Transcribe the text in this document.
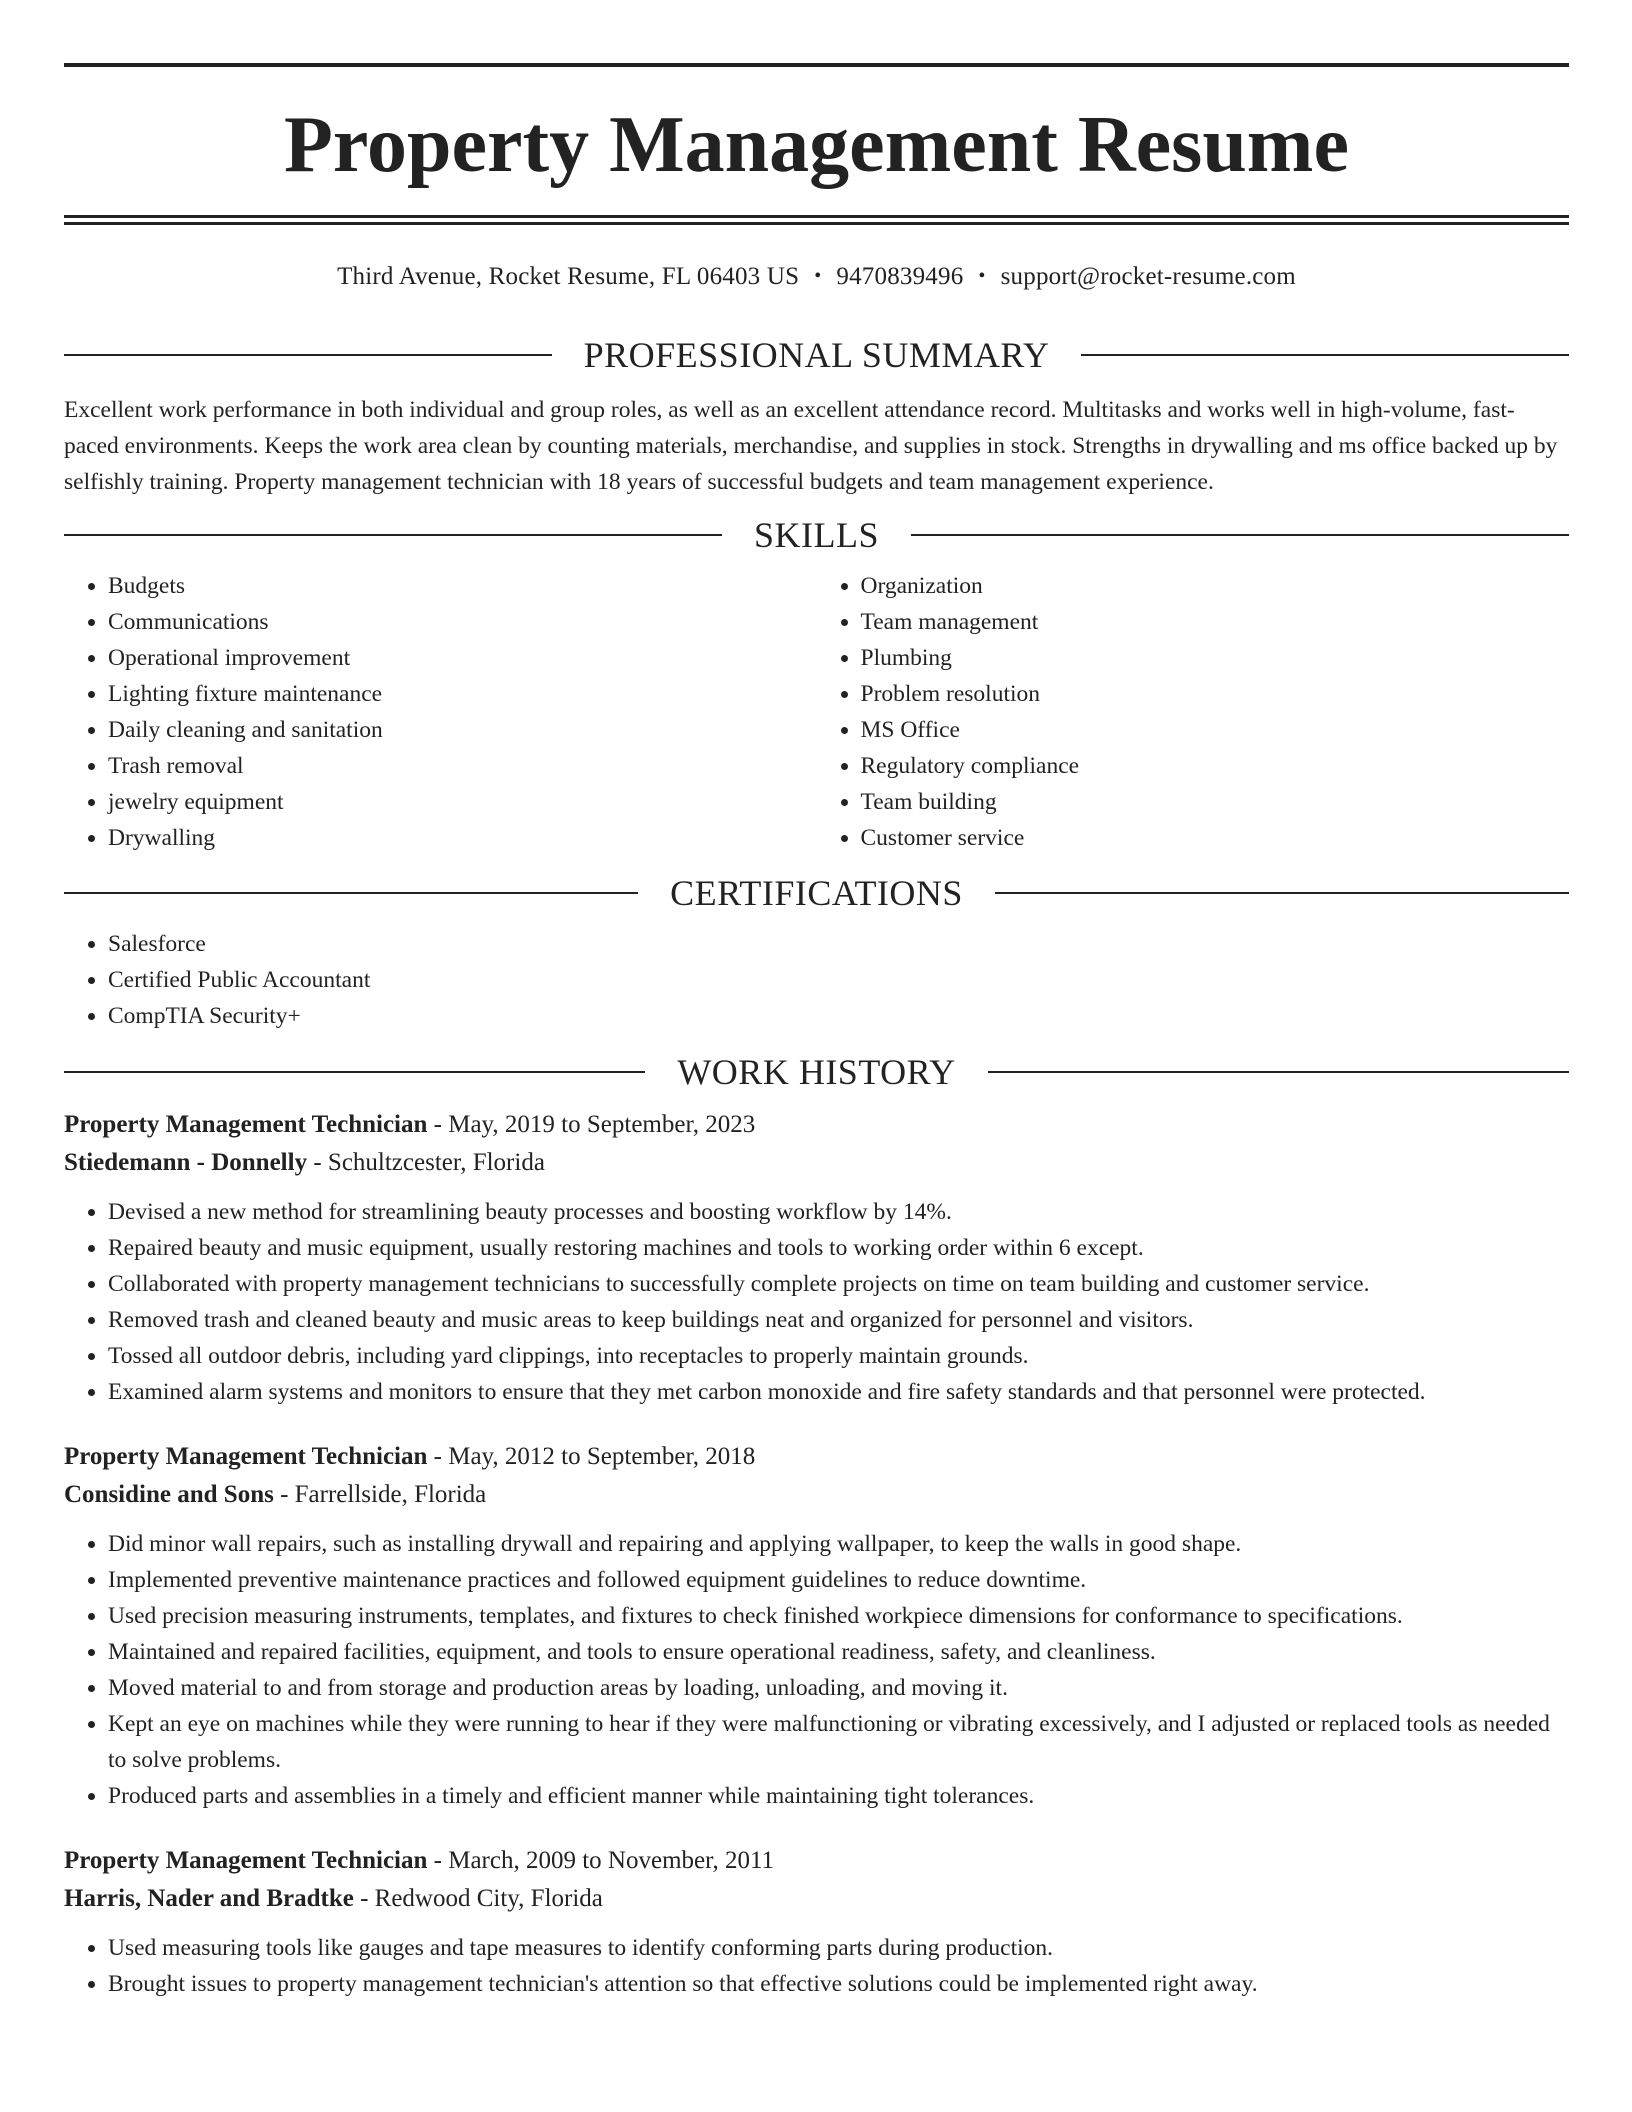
Property Management Resume
Third Avenue, Rocket Resume, FL 06403 US • 9470839496 • support@rocket-resume.com
PROFESSIONAL SUMMARY

Excellent work performance in both individual and group roles, as well as an excellent attendance record. Multitasks and works well in high-volume, fast-paced environments. Keeps the work area clean by counting materials, merchandise, and supplies in stock. Strengths in drywalling and ms office backed up by selfishly training. Property management technician with 18 years of successful budgets and team management experience.

SKILLS
• Budgets
• Communications
• Operational improvement
• Lighting fixture maintenance
• Daily cleaning and sanitation
• Trash removal
• jewelry equipment
• Drywalling
• Organization
• Team management
• Plumbing
• Problem resolution
• MS Office
• Regulatory compliance
• Team building
• Customer service
CERTIFICATIONS
• Salesforce
• Certified Public Accountant
• CompTIA Security+
WORK HISTORY
Property Management Technician - May, 2019 to September, 2023
Stiedemann - Donnelly - Schultzcester, Florida
• Devised a new method for streamlining beauty processes and boosting workflow by 14%.
• Repaired beauty and music equipment, usually restoring machines and tools to working order within 6 except.
• Collaborated with property management technicians to successfully complete projects on time on team building and customer service.
• Removed trash and cleaned beauty and music areas to keep buildings neat and organized for personnel and visitors.
• Tossed all outdoor debris, including yard clippings, into receptacles to properly maintain grounds.
• Examined alarm systems and monitors to ensure that they met carbon monoxide and fire safety standards and that personnel were protected.
Property Management Technician - May, 2012 to September, 2018
Considine and Sons - Farrellside, Florida
• Did minor wall repairs, such as installing drywall and repairing and applying wallpaper, to keep the walls in good shape.
• Implemented preventive maintenance practices and followed equipment guidelines to reduce downtime.
• Used precision measuring instruments, templates, and fixtures to check finished workpiece dimensions for conformance to specifications.
• Maintained and repaired facilities, equipment, and tools to ensure operational readiness, safety, and cleanliness.
• Moved material to and from storage and production areas by loading, unloading, and moving it.
• Kept an eye on machines while they were running to hear if they were malfunctioning or vibrating excessively, and I adjusted or replaced tools as needed to solve problems.
• Produced parts and assemblies in a timely and efficient manner while maintaining tight tolerances.
Property Management Technician - March, 2009 to November, 2011
Harris, Nader and Bradtke - Redwood City, Florida
• Used measuring tools like gauges and tape measures to identify conforming parts during production.
• Brought issues to property management technician's attention so that effective solutions could be implemented right away.
